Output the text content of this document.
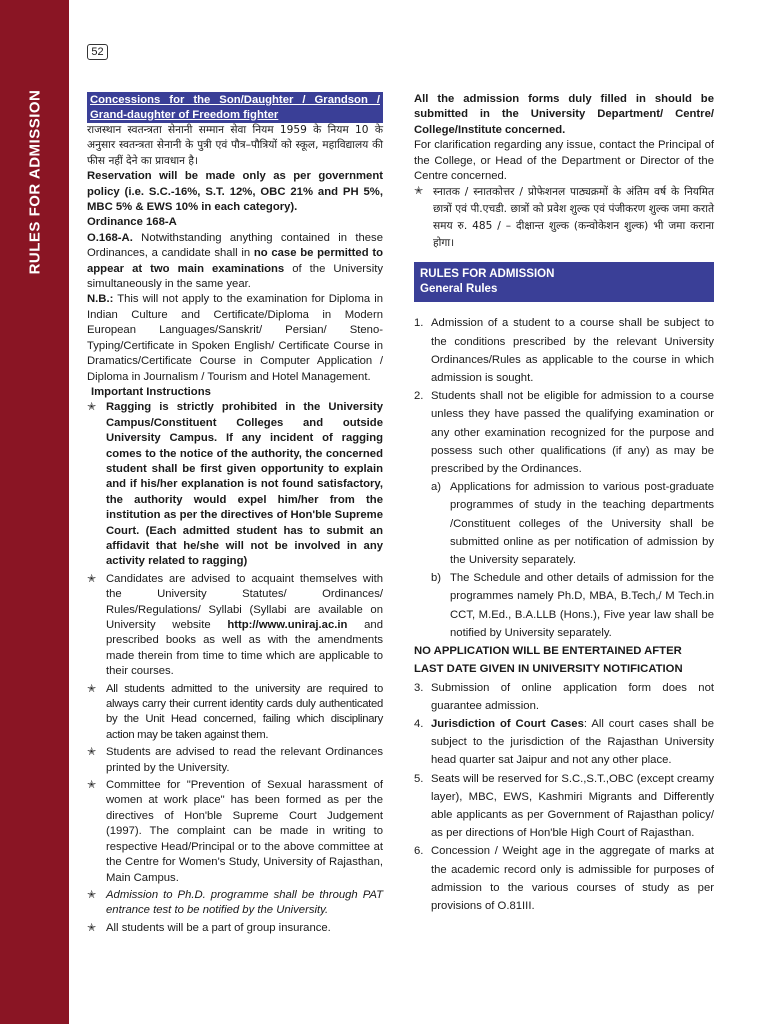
RULES FOR ADMISSION
52
Concessions for the Son/Daughter / Grandson / Grand-daughter of Freedom fighter

राजस्थान स्वतन्त्रता सेनानी सम्मान सेवा नियम 1959 के नियम 10 के अनुसार स्वतन्त्रता सेनानी के पुत्री एवं पौत्र–पौत्रियों को स्कूल, महाविद्यालय की फीस नहीं देने का प्रावधान है।

Reservation will be made only as per government policy (i.e. S.C.-16%, S.T. 12%, OBC 21% and PH 5%, MBC 5% & EWS 10% in each category).

Ordinance 168-A

O.168-A. Notwithstanding anything contained in these Ordinances, a candidate shall in no case be permitted to appear at two main examinations of the University simultaneously in the same year.

N.B.: This will not apply to the examination for Diploma in Indian Culture and Certificate/Diploma in Modern European Languages/Sanskrit/ Persian/ Steno-Typing/Certificate in Spoken English/ Certificate Course in Dramatics/Certificate Course in Computer Application / Diploma in Journalism / Tourism and Hotel Management.

Important Instructions

✭ Ragging is strictly prohibited in the University Campus/Constituent Colleges and outside University Campus. If any incident of ragging comes to the notice of the authority, the concerned student shall be first given opportunity to explain and if his/her explanation is not found satisfactory, the authority would expel him/her from the institution as per the directives of Hon'ble Supreme Court. (Each admitted student has to submit an affidavit that he/she will not be involved in any activity related to ragging)
✭ Candidates are advised to acquaint themselves with the University Statutes/ Ordinances/ Rules/Regulations/ Syllabi (Syllabi are available on University website http://www.uniraj.ac.in and prescribed books as well as with the amendments made therein from time to time which are applicable to their courses.
✭ All students admitted to the university are required to always carry their current identity cards duly authenticated by the Unit Head concerned, failing which disciplinary action may be taken against them.
✭ Students are advised to read the relevant Ordinances printed by the University.
✭ Committee for "Prevention of Sexual harassment of women at work place" has been formed as per the directives of Hon'ble Supreme Court Judgement (1997). The complaint can be made in writing to respective Head/Principal or to the above committee at the Centre for Women's Study, University of Rajasthan, Main Campus.
✭ Admission to Ph.D. programme shall be through PAT entrance test to be notified by the University.
✭ All students will be a part of group insurance.

All the admission forms duly filled in should be submitted in the University Department/ Centre/ College/Institute concerned.

For clarification regarding any issue, contact the Principal of the College, or Head of the Department or Director of the Centre concerned.

✭ स्नातक / स्नातकोत्तर / प्रोफेशनल पाठ्यक्रमों के अंतिम वर्ष के नियमित छात्रों एवं पी.एचडी. छात्रों को प्रवेश शुल्क एवं पंजीकरण शुल्क जमा कराते समय रु. 485 / – दीक्षान्त शुल्क (कन्वोकेशन शुल्क) भी जमा कराना होगा।
RULES FOR ADMISSION
General Rules
1. Admission of a student to a course shall be subject to the conditions prescribed by the relevant University Ordinances/Rules as applicable to the course in which admission is sought.
2. Students shall not be eligible for admission to a course unless they have passed the qualifying examination or any other examination recognized for the purpose and possess such other qualifications (if any) as may be prescribed by the Ordinances.
a) Applications for admission to various post-graduate programmes of study in the teaching departments /Constituent colleges of the University shall be submitted online as per notification of admission by the University separately.
b) The Schedule and other details of admission for the programmes namely Ph.D, MBA, B.Tech,/ M Tech.in CCT, M.Ed., B.A.LLB (Hons.), Five year law shall be notified by University separately.

NO APPLICATION WILL BE ENTERTAINED AFTER LAST DATE GIVEN IN UNIVERSITY NOTIFICATION

3. Submission of online application form does not guarantee admission.
4. Jurisdiction of Court Cases: All court cases shall be subject to the jurisdiction of the Rajasthan University head quarter sat Jaipur and not any other place.
5. Seats will be reserved for S.C.,S.T.,OBC (except creamy layer), MBC, EWS, Kashmiri Migrants and Differently able applicants as per Government of Rajasthan policy/ as per directions of Hon'ble High Court of Rajasthan.
6. Concession / Weight age in the aggregate of marks at the academic record only is admissible for purposes of admission to the various courses of study as per provisions of O.81III.
